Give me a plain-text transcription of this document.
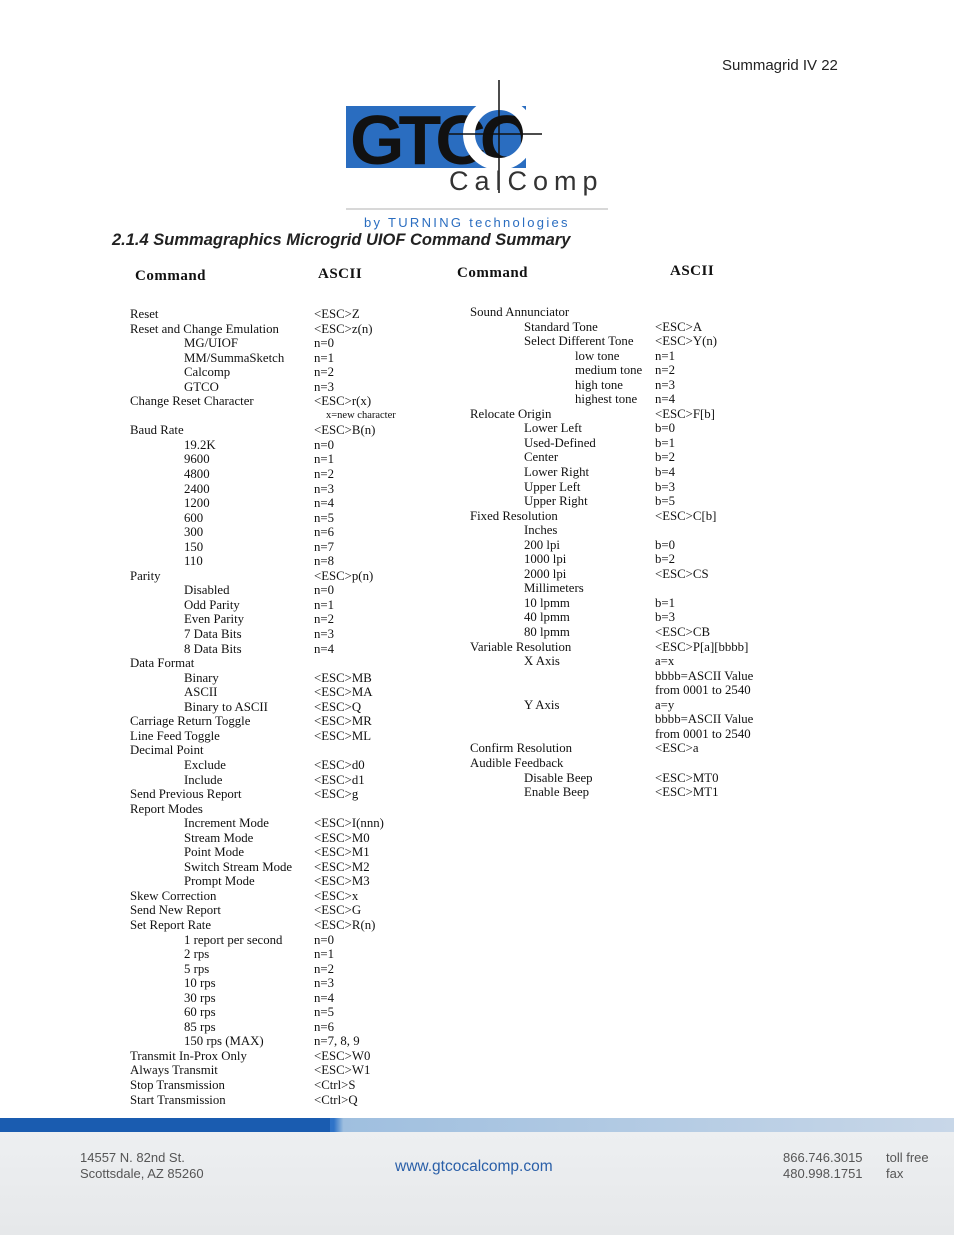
Summagrid IV 22
GTCO
CalComp
by TURNING technologies
2.1.4 Summagraphics Microgrid UIOF Command Summary
Command	ASCII	Command	ASCII
Reset	<ESC>Z
Reset and Change Emulation	<ESC>z(n)
MG/UIOF	n=0
MM/SummaSketch n=1
Calcomp	n=2
GTCO	n=3
Change Reset Character	<ESC>r(x)
x=new character
Baud Rate	<ESC>B(n)
19.2K	n=0
9600	n=1
4800	n=2
2400	n=3
1200	n=4
600	n=5
300	n=6
150	n=7
110	n=8
Parity	<ESC>p(n)
Disabled	n=0
Odd Parity	n=1
Even Parity	n=2
7 Data Bits	n=3
8 Data Bits	n=4
Data Format
Binary	<ESC>MB
ASCII	<ESC>MA
Binary to ASCII	<ESC>Q
Carriage Return Toggle	<ESC>MR
Line Feed Toggle	<ESC>ML
Decimal Point
Exclude	<ESC>d0
Include	<ESC>d1
Send Previous Report	<ESC>g
Report Modes
Increment Mode	<ESC>I(nnn)
Stream Mode	<ESC>M0
Point Mode	<ESC>M1
Switch Stream Mode <ESC>M2
Prompt Mode	<ESC>M3
Skew Correction	<ESC>x
Send New Report	<ESC>G
Set Report Rate	<ESC>R(n)
1 report per second n=0
2 rps	n=1
5 rps	n=2
10 rps	n=3
30 rps	n=4
60 rps	n=5
85 rps	n=6
150 rps (MAX)	n=7, 8, 9
Transmit In-Prox Only	<ESC>W0
Always Transmit	<ESC>W1
Stop Transmission	<Ctrl>S
Start Transmission	<Ctrl>Q
Sound Annunciator
Standard Tone	<ESC>A
Select Different Tone <ESC>Y(n)
low tone	n=1
medium tone n=2
high tone	n=3
highest tone n=4
Relocate Origin	<ESC>F[b]
Lower Left	b=0
Used-Defined	b=1
Center	b=2
Lower Right	b=4
Upper Left	b=3
Upper Right	b=5
Fixed Resolution	<ESC>C[b]
Inches
200 lpi	b=0
1000 lpi	b=2
2000 lpi	<ESC>CS
Millimeters
10 lpmm	b=1
40 lpmm	b=3
80 lpmm	<ESC>CB
Variable Resolution	<ESC>P[a][bbbb]
X Axis	a=x
bbbb=ASCII Value
from 0001 to 2540
Y Axis	a=y
bbbb=ASCII Value
from 0001 to 2540
Confirm Resolution	<ESC>a
Audible Feedback
Disable Beep	<ESC>MT0
Enable Beep	<ESC>MT1
14557 N. 82nd St.
Scottsdale, AZ 85260	www.gtcocalcomp.com
866.746.3015
480.998.1751
toll free
fax
